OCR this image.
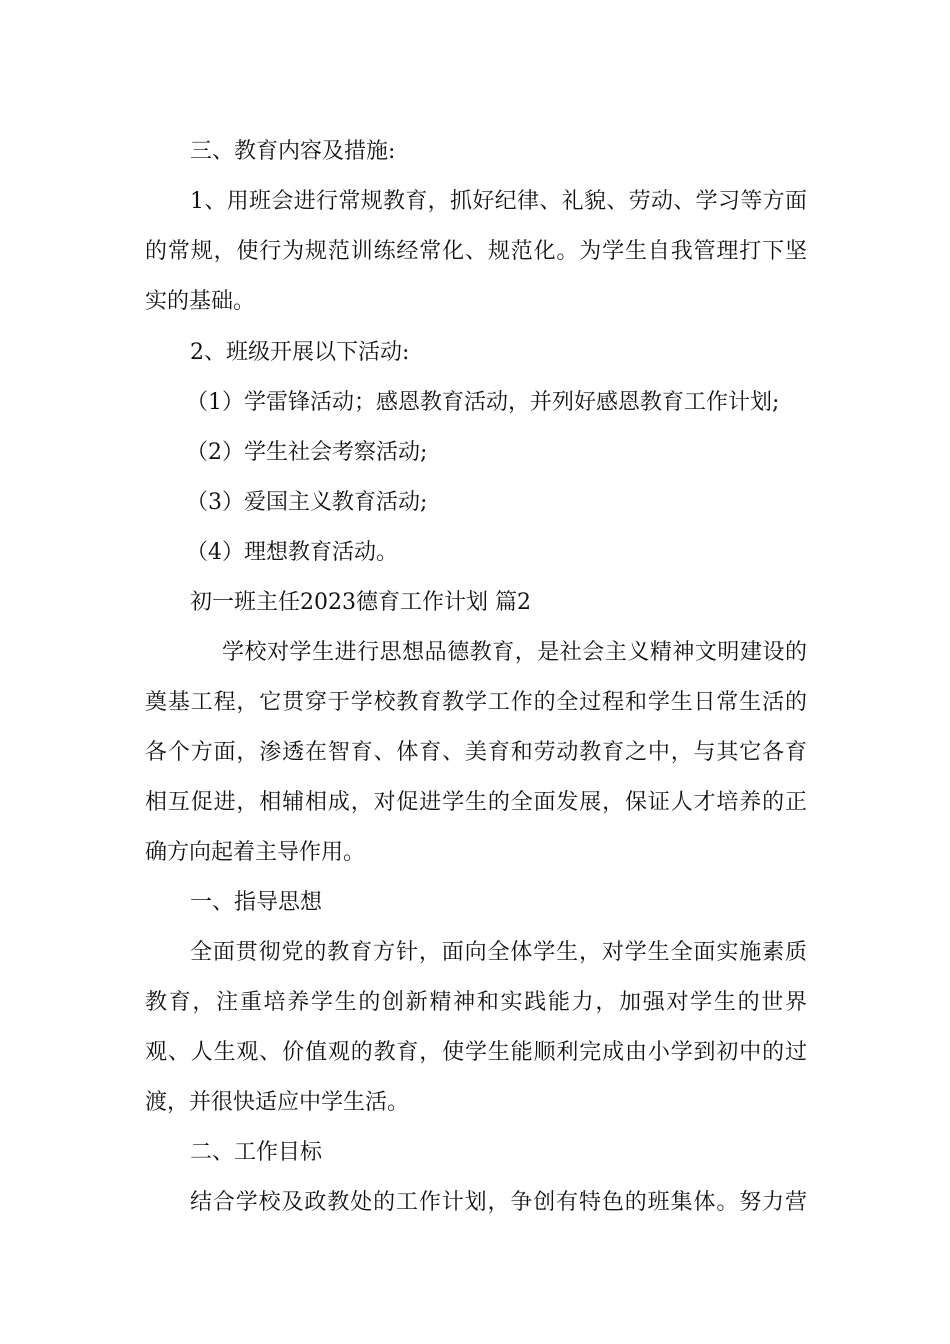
三、教育内容及措施:

1、用班会进行常规教育，抓好纪律、礼貌、劳动、学习等方面

的常规，使行为规范训练经常化、规范化。为学生自我管理打下坚

实的基础。

2、班级开展以下活动:

（1）学雷锋活动；感恩教育活动，并列好感恩教育工作计划;

（2）学生社会考察活动;

（3）爱国主义教育活动;

（4）理想教育活动。

初一班主任2023德育工作计划 篇2

学校对学生进行思想品德教育，是社会主义精神文明建设的

奠基工程，它贯穿于学校教育教学工作的全过程和学生日常生活的

各个方面，渗透在智育、体育、美育和劳动教育之中，与其它各育

相互促进，相辅相成，对促进学生的全面发展，保证人才培养的正

确方向起着主导作用。

一、指导思想

全面贯彻党的教育方针，面向全体学生，对学生全面实施素质

教育，注重培养学生的创新精神和实践能力，加强对学生的世界

观、人生观、价值观的教育，使学生能顺利完成由小学到初中的过

渡，并很快适应中学生活。

二、工作目标

结合学校及政教处的工作计划，争创有特色的班集体。努力营
